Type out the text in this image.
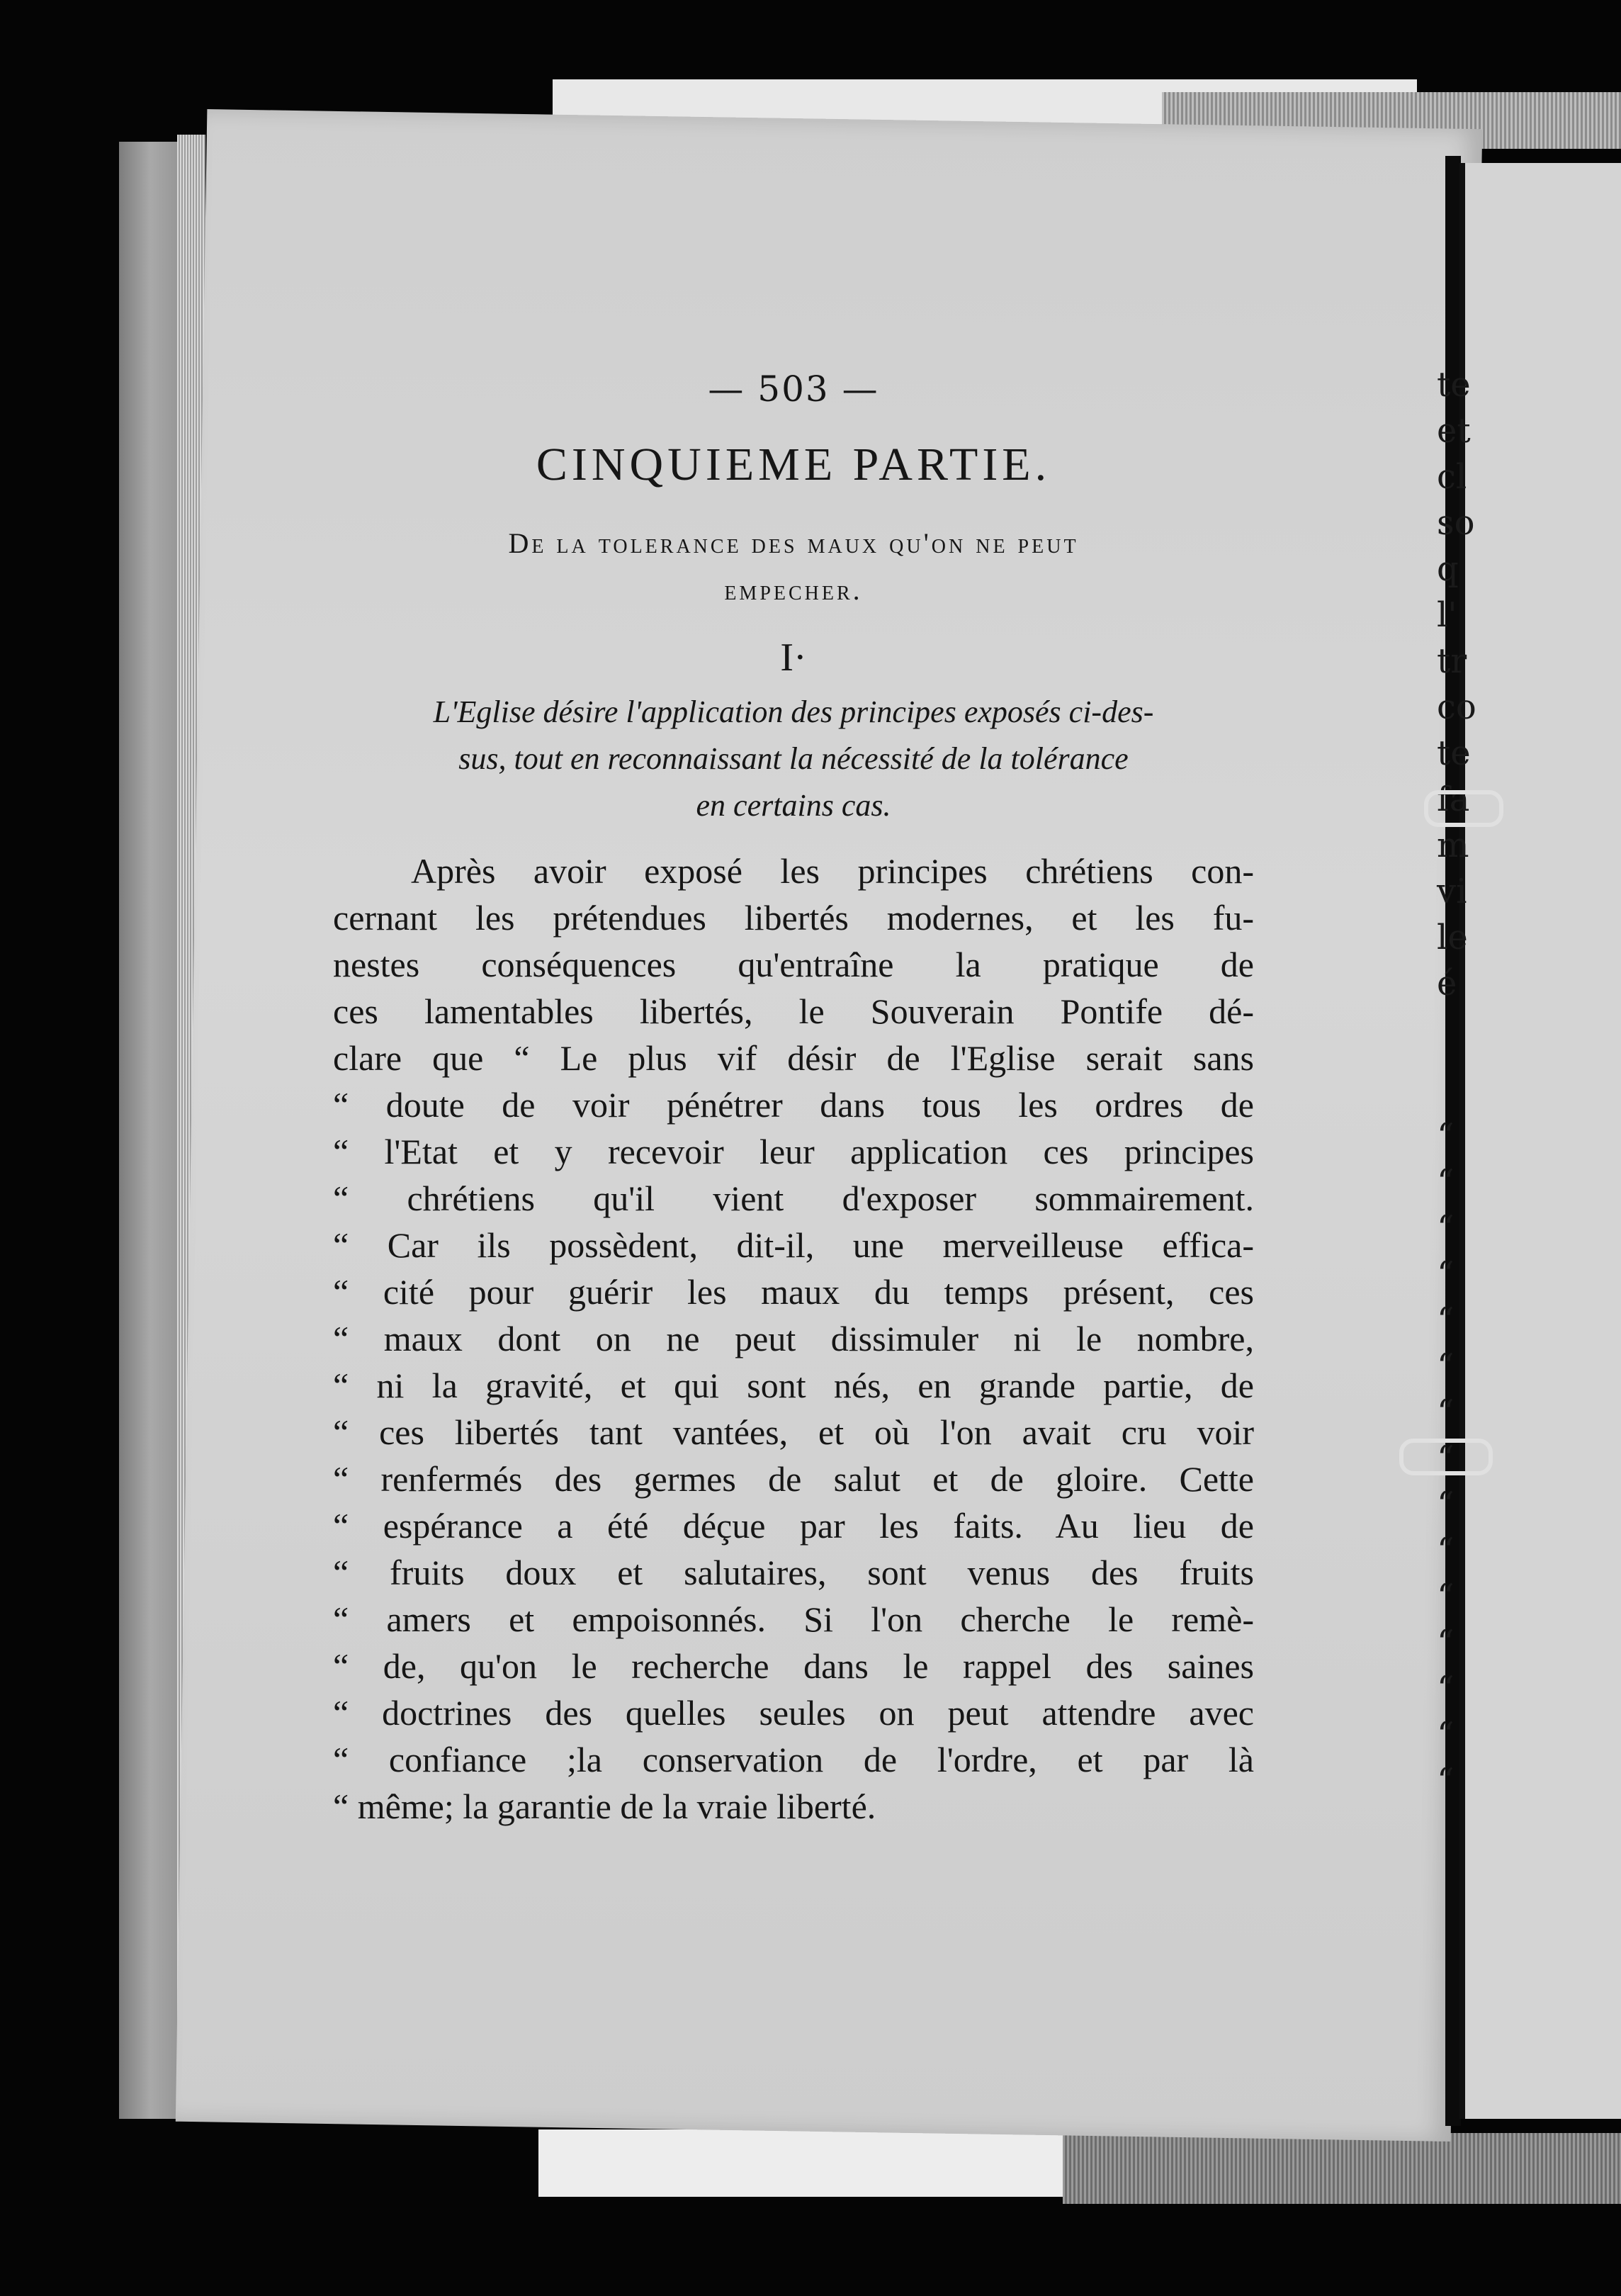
te
et
cl
so
q
l'
tr
co
te
fa
m
vi
le
é
“
“
“
“
“
“
“
“
“
“
“
“
“
“
“
— 503 —
CINQUIEME PARTIE.
De la tolerance des maux qu'on ne peut
empecher.
I·
L'Eglise désire l'application des principes exposés ci-des-
sus, tout en reconnaissant la nécessité de la tolérance
en certains cas.
Après avoir exposé les principes chrétiens con-
cernant les prétendues libertés modernes, et les fu-
nestes conséquences qu'entraîne la pratique de
ces lamentables libertés, le Souverain Pontife dé-
clare que “ Le plus vif désir de l'Eglise serait sans
“ doute de voir pénétrer dans tous les ordres de
“ l'Etat et y recevoir leur application ces principes
“ chrétiens qu'il vient d'exposer sommairement.
“ Car ils possèdent, dit-il, une merveilleuse effica-
“ cité pour guérir les maux du temps présent, ces
“ maux dont on ne peut dissimuler ni le nombre,
“ ni la gravité, et qui sont nés, en grande partie, de
“ ces libertés tant vantées, et où l'on avait cru voir
“ renfermés des germes de salut et de gloire. Cette
“ espérance a été déçue par les faits. Au lieu de
“ fruits doux et salutaires, sont venus des fruits
“ amers et empoisonnés. Si l'on cherche le remè-
“ de, qu'on le recherche dans le rappel des saines
“ doctrines des quelles seules on peut attendre avec
“ confiance ;la conservation de l'ordre, et par là
“ même; la garantie de la vraie liberté.
